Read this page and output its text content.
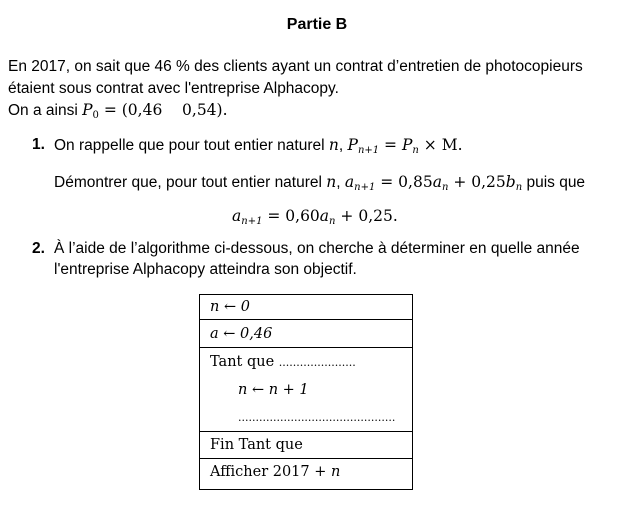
Partie B
En 2017, on sait que 46 % des clients ayant un contrat d’entretien de photocopieurs
étaient sous contrat avec l'entreprise Alphacopy.
On a ainsi $P_0 = (0,46$    0,54).
1. On rappelle que pour tout entier naturel n, $P_{n+1} = P_n \times M$.
Démontrer que, pour tout entier naturel n, $a_{n+1} = 0,85a_n + 0,25b_n$ puis que
$a_{n+1} = 0,60a_n + 0,25$.
2. À l’aide de l’algorithme ci-dessous, on cherche à déterminer en quelle année
l'entreprise Alphacopy atteindra son objectif.
n ← 0
a ← 0,46
Tant que ......................
n ← n + 1
.............................................
Fin Tant que
Afficher 2017 + n
